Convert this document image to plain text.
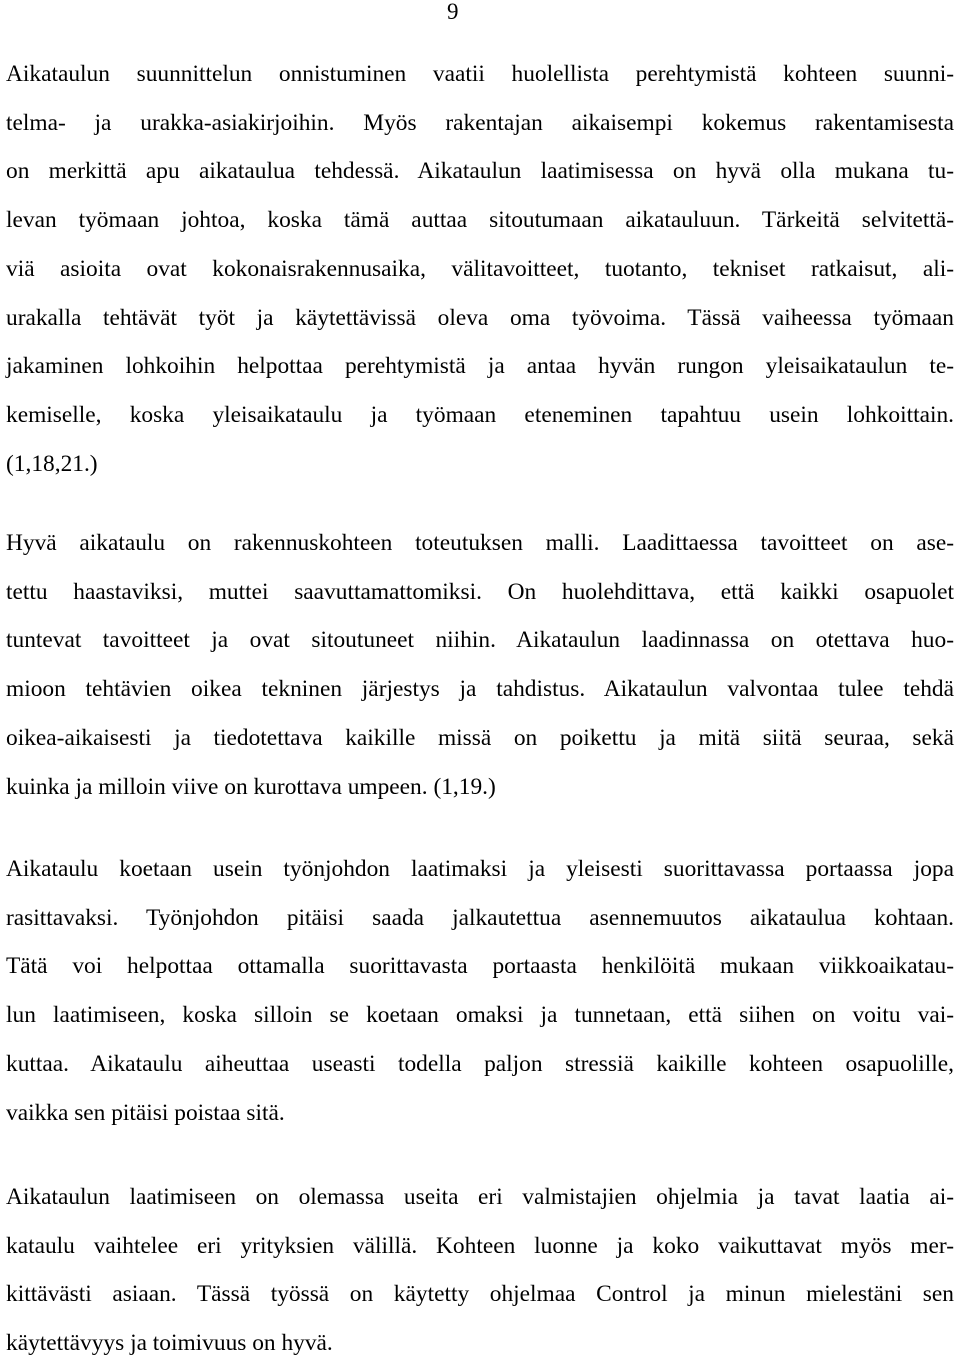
9
Aikataulun suunnittelun onnistuminen vaatii huolellista perehtymistä kohteen suunni-
telma- ja urakka-asiakirjoihin. Myös rakentajan aikaisempi kokemus rakentamisesta
on merkittä apu aikataulua tehdessä. Aikataulun laatimisessa on hyvä olla mukana tu-
levan työmaan johtoa, koska tämä auttaa sitoutumaan aikatauluun. Tärkeitä selvitettä-
viä asioita ovat kokonaisrakennusaika, välitavoitteet, tuotanto, tekniset ratkaisut, ali-
urakalla tehtävät työt ja käytettävissä oleva oma työvoima. Tässä vaiheessa työmaan
jakaminen lohkoihin helpottaa perehtymistä ja antaa hyvän rungon yleisaikataulun te-
kemiselle, koska yleisaikataulu ja työmaan eteneminen tapahtuu usein lohkoittain.
(1,18,21.)
Hyvä aikataulu on rakennuskohteen toteutuksen malli. Laadittaessa tavoitteet on ase-
tettu haastaviksi, muttei saavuttamattomiksi. On huolehdittava, että kaikki osapuolet
tuntevat tavoitteet ja ovat sitoutuneet niihin. Aikataulun laadinnassa on otettava huo-
mioon tehtävien oikea tekninen järjestys ja tahdistus. Aikataulun valvontaa tulee tehdä
oikea-aikaisesti ja tiedotettava kaikille missä on poikettu ja mitä siitä seuraa, sekä
kuinka ja milloin viive on kurottava umpeen. (1,19.)
Aikataulu koetaan usein työnjohdon laatimaksi ja yleisesti suorittavassa portaassa jopa
rasittavaksi. Työnjohdon pitäisi saada jalkautettua asennemuutos aikataulua kohtaan.
Tätä voi helpottaa ottamalla suorittavasta portaasta henkilöitä mukaan viikkoaikatau-
lun laatimiseen, koska silloin se koetaan omaksi ja tunnetaan, että siihen on voitu vai-
kuttaa. Aikataulu aiheuttaa useasti todella paljon stressiä kaikille kohteen osapuolille,
vaikka sen pitäisi poistaa sitä.
Aikataulun laatimiseen on olemassa useita eri valmistajien ohjelmia ja tavat laatia ai-
kataulu vaihtelee eri yrityksien välillä. Kohteen luonne ja koko vaikuttavat myös mer-
kittävästi asiaan. Tässä työssä on käytetty ohjelmaa Control ja minun mielestäni sen
käytettävyys ja toimivuus on hyvä.
